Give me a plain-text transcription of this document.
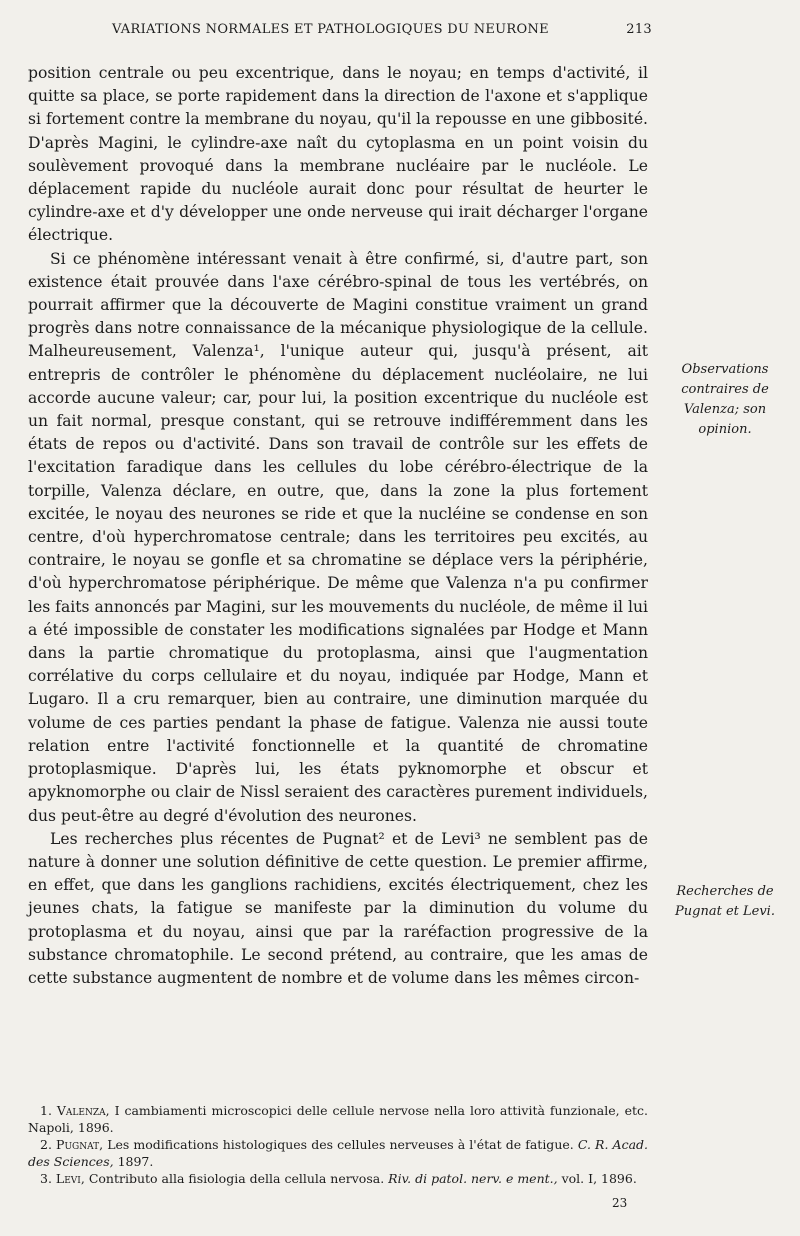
VARIATIONS NORMALES ET PATHOLOGIQUES DU NEURONE	213

position centrale ou peu excentrique, dans le noyau; en temps d'activité, il quitte sa place, se porte rapidement dans la direction de l'axone et s'applique si fortement contre la membrane du noyau, qu'il la repousse en une gibbosité. D'après Magini, le cylindre-axe naît du cytoplasma en un point voisin du soulèvement provoqué dans la membrane nucléaire par le nucléole. Le déplacement rapide du nucléole aurait donc pour résultat de heurter le cylindre-axe et d'y développer une onde nerveuse qui irait décharger l'organe électrique.

Si ce phénomène intéressant venait à être confirmé, si, d'autre part, son existence était prouvée dans l'axe cérébro-spinal de tous les vertébrés, on pourrait affirmer que la découverte de Magini constitue vraiment un grand progrès dans notre connaissance de la mécanique physiologique de la cellule. Malheureusement, Valenza¹, l'unique auteur qui, jusqu'à présent, ait entrepris de contrôler le phénomène du déplacement nucléolaire, ne lui accorde aucune valeur; car, pour lui, la position excentrique du nucléole est un fait normal, presque constant, qui se retrouve indifféremment dans les états de repos ou d'activité. Dans son travail de contrôle sur les effets de l'excitation faradique dans les cellules du lobe cérébro-électrique de la torpille, Valenza déclare, en outre, que, dans la zone la plus fortement excitée, le noyau des neurones se ride et que la nucléine se condense en son centre, d'où hyperchromatose centrale; dans les territoires peu excités, au contraire, le noyau se gonfle et sa chromatine se déplace vers la périphérie, d'où hyperchromatose périphérique. De même que Valenza n'a pu confirmer les faits annoncés par Magini, sur les mouvements du nucléole, de même il lui a été impossible de constater les modifications signalées par Hodge et Mann dans la partie chromatique du protoplasma, ainsi que l'augmentation corrélative du corps cellulaire et du noyau, indiquée par Hodge, Mann et Lugaro. Il a cru remarquer, bien au contraire, une diminution marquée du volume de ces parties pendant la phase de fatigue. Valenza nie aussi toute relation entre l'activité fonctionnelle et la quantité de chromatine protoplasmique. D'après lui, les états pyknomorphe et obscur et apyknomorphe ou clair de Nissl seraient des caractères purement individuels, dus peut-être au degré d'évolution des neurones.

Les recherches plus récentes de Pugnat² et de Levi³ ne semblent pas de nature à donner une solution définitive de cette question. Le premier affirme, en effet, que dans les ganglions rachidiens, excités électriquement, chez les jeunes chats, la fatigue se manifeste par la diminution du volume du protoplasma et du noyau, ainsi que par la raréfaction progressive de la substance chromatophile. Le second prétend, au contraire, que les amas de cette substance augmentent de nombre et de volume dans les mêmes circon-

Observations contraires de Valenza; son opinion.
Recherches de Pugnat et Levi.

1. Valenza, I cambiamenti microscopici delle cellule nervose nella loro attività funzionale, etc. Napoli, 1896.

2. Pugnat, Les modifications histologiques des cellules nerveuses à l'état de fatigue. C. R. Acad. des Sciences, 1897.

3. Levi, Contributo alla fisiologia della cellula nervosa. Riv. di patol. nerv. e ment., vol. I, 1896.

23
